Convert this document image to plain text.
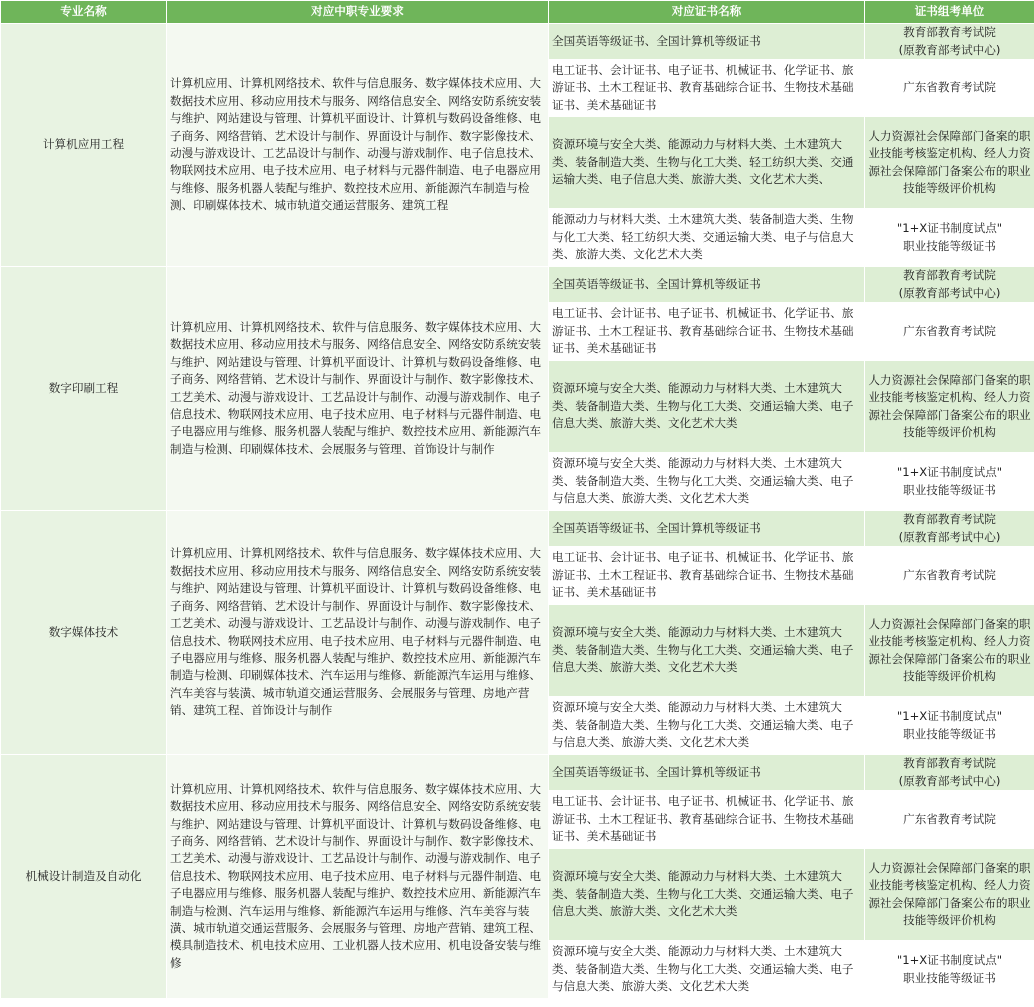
专业名称	对应中职专业要求	对应证书名称	证书组考单位
计算机应用工程	计算机应用、计算机网络技术、软件与信息服务、数字媒体技术应用、大数据技术应用、移动应用技术与服务、网络信息安全、网络安防系统安装与维护、网站建设与管理、计算机平面设计、计算机与数码设备维修、电子商务、网络营销、艺术设计与制作、界面设计与制作、数字影像技术、动漫与游戏设计、工艺品设计与制作、动漫与游戏制作、电子信息技术、物联网技术应用、电子技术应用、电子材料与元器件制造、电子电器应用与维修、服务机器人装配与维护、数控技术应用、新能源汽车制造与检测、印刷媒体技术、城市轨道交通运营服务、建筑工程	全国英语等级证书、全国计算机等级证书	教育部教育考试院
(原教育部考试中心)
		电工证书、会计证书、电子证书、机械证书、化学证书、旅游证书、土木工程证书、教育基础综合证书、生物技术基础证书、美术基础证书	广东省教育考试院
		资源环境与安全大类、能源动力与材料大类、土木建筑大类、装备制造大类、生物与化工大类、轻工纺织大类、交通运输大类、电子信息大类、旅游大类、文化艺术大类、	人力资源社会保障部门备案的职业技能考核鉴定机构、经人力资源社会保障部门备案公布的职业技能等级评价机构
		能源动力与材料大类、土木建筑大类、装备制造大类、生物与化工大类、轻工纺织大类、交通运输大类、电子与信息大类、旅游大类、文化艺术大类	"1+X证书制度试点"
职业技能等级证书
数字印刷工程	计算机应用、计算机网络技术、软件与信息服务、数字媒体技术应用、大数据技术应用、移动应用技术与服务、网络信息安全、网络安防系统安装与维护、网站建设与管理、计算机平面设计、计算机与数码设备维修、电子商务、网络营销、艺术设计与制作、界面设计与制作、数字影像技术、工艺美术、动漫与游戏设计、工艺品设计与制作、动漫与游戏制作、电子信息技术、物联网技术应用、电子技术应用、电子材料与元器件制造、电子电器应用与维修、服务机器人装配与维护、数控技术应用、新能源汽车制造与检测、印刷媒体技术、会展服务与管理、首饰设计与制作	全国英语等级证书、全国计算机等级证书	教育部教育考试院
(原教育部考试中心)
		电工证书、会计证书、电子证书、机械证书、化学证书、旅游证书、土木工程证书、教育基础综合证书、生物技术基础证书、美术基础证书	广东省教育考试院
		资源环境与安全大类、能源动力与材料大类、土木建筑大类、装备制造大类、生物与化工大类、交通运输大类、电子信息大类、旅游大类、文化艺术大类	人力资源社会保障部门备案的职业技能考核鉴定机构、经人力资源社会保障部门备案公布的职业技能等级评价机构
		资源环境与安全大类、能源动力与材料大类、土木建筑大类、装备制造大类、生物与化工大类、交通运输大类、电子与信息大类、旅游大类、文化艺术大类	"1+X证书制度试点"
职业技能等级证书
数字媒体技术	计算机应用、计算机网络技术、软件与信息服务、数字媒体技术应用、大数据技术应用、移动应用技术与服务、网络信息安全、网络安防系统安装与维护、网站建设与管理、计算机平面设计、计算机与数码设备维修、电子商务、网络营销、艺术设计与制作、界面设计与制作、数字影像技术、工艺美术、动漫与游戏设计、工艺品设计与制作、动漫与游戏制作、电子信息技术、物联网技术应用、电子技术应用、电子材料与元器件制造、电子电器应用与维修、服务机器人装配与维护、数控技术应用、新能源汽车制造与检测、印刷媒体技术、汽车运用与维修、新能源汽车运用与维修、汽车美容与装潢、城市轨道交通运营服务、会展服务与管理、房地产营销、建筑工程、首饰设计与制作	全国英语等级证书、全国计算机等级证书	教育部教育考试院
(原教育部考试中心)
		电工证书、会计证书、电子证书、机械证书、化学证书、旅游证书、土木工程证书、教育基础综合证书、生物技术基础证书、美术基础证书	广东省教育考试院
		资源环境与安全大类、能源动力与材料大类、土木建筑大类、装备制造大类、生物与化工大类、交通运输大类、电子信息大类、旅游大类、文化艺术大类	人力资源社会保障部门备案的职业技能考核鉴定机构、经人力资源社会保障部门备案公布的职业技能等级评价机构
		资源环境与安全大类、能源动力与材料大类、土木建筑大类、装备制造大类、生物与化工大类、交通运输大类、电子与信息大类、旅游大类、文化艺术大类	"1+X证书制度试点"
职业技能等级证书
机械设计制造及自动化	计算机应用、计算机网络技术、软件与信息服务、数字媒体技术应用、大数据技术应用、移动应用技术与服务、网络信息安全、网络安防系统安装与维护、网站建设与管理、计算机平面设计、计算机与数码设备维修、电子商务、网络营销、艺术设计与制作、界面设计与制作、数字影像技术、工艺美术、动漫与游戏设计、工艺品设计与制作、动漫与游戏制作、电子信息技术、物联网技术应用、电子技术应用、电子材料与元器件制造、电子电器应用与维修、服务机器人装配与维护、数控技术应用、新能源汽车制造与检测、汽车运用与维修、新能源汽车运用与维修、汽车美容与装潢、城市轨道交通运营服务、会展服务与管理、房地产营销、建筑工程、模具制造技术、机电技术应用、工业机器人技术应用、机电设备安装与维修	全国英语等级证书、全国计算机等级证书	教育部教育考试院
(原教育部考试中心)
		电工证书、会计证书、电子证书、机械证书、化学证书、旅游证书、土木工程证书、教育基础综合证书、生物技术基础证书、美术基础证书	广东省教育考试院
		资源环境与安全大类、能源动力与材料大类、土木建筑大类、装备制造大类、生物与化工大类、交通运输大类、电子信息大类、旅游大类、文化艺术大类	人力资源社会保障部门备案的职业技能考核鉴定机构、经人力资源社会保障部门备案公布的职业技能等级评价机构
		资源环境与安全大类、能源动力与材料大类、土木建筑大类、装备制造大类、生物与化工大类、交通运输大类、电子与信息大类、旅游大类、文化艺术大类	"1+X证书制度试点"
职业技能等级证书
